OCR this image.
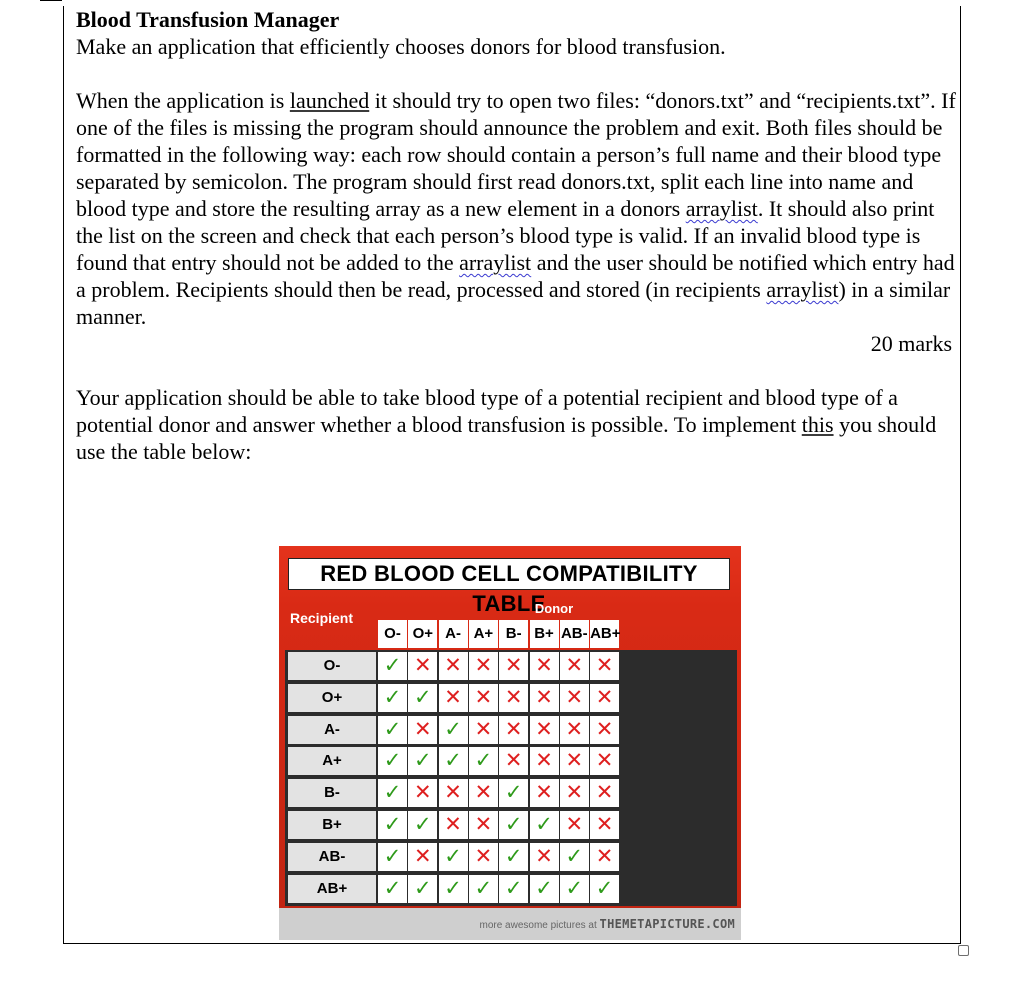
Blood Transfusion Manager

Make an application that efficiently chooses donors for blood transfusion.

When the application is launched it should try to open two files: “donors.txt” and “recipients.txt”. If one of the files is missing the program should announce the problem and exit. Both files should be formatted in the following way: each row should contain a person’s full name and their blood type separated by semicolon. The program should first read donors.txt, split each line into name and blood type and store the resulting array as a new element in a donors arraylist. It should also print the list on the screen and check that each person’s blood type is valid. If an invalid blood type is found that entry should not be added to the arraylist and the user should be notified which entry had a problem. Recipients should then be read, processed and stored (in recipients arraylist) in a similar manner.

20 marks

Your application should be able to take blood type of a potential recipient and blood type of a potential donor and answer whether a blood transfusion is possible. To implement this you should use the table below:

RED BLOOD CELL COMPATIBILITY TABLE
Donor
Recipient
more awesome pictures at THEMETAPICTURE.COM
O- O+ A- A+ B- B+ AB- AB+
O-	✓ ✕ ✕ ✕ ✕ ✕ ✕ ✕
O+	✓ ✓ ✕ ✕ ✕ ✕ ✕ ✕
A-	✓ ✕ ✓ ✕ ✕ ✕ ✕ ✕
A+	✓ ✓ ✓ ✓ ✕ ✕ ✕ ✕
B-	✓ ✕ ✕ ✕ ✓ ✕ ✕ ✕
B+	✓ ✓ ✕ ✕ ✓ ✓ ✕ ✕
AB-	✓ ✕ ✓ ✕ ✓ ✕ ✓ ✕
AB+	✓ ✓ ✓ ✓ ✓ ✓ ✓ ✓
